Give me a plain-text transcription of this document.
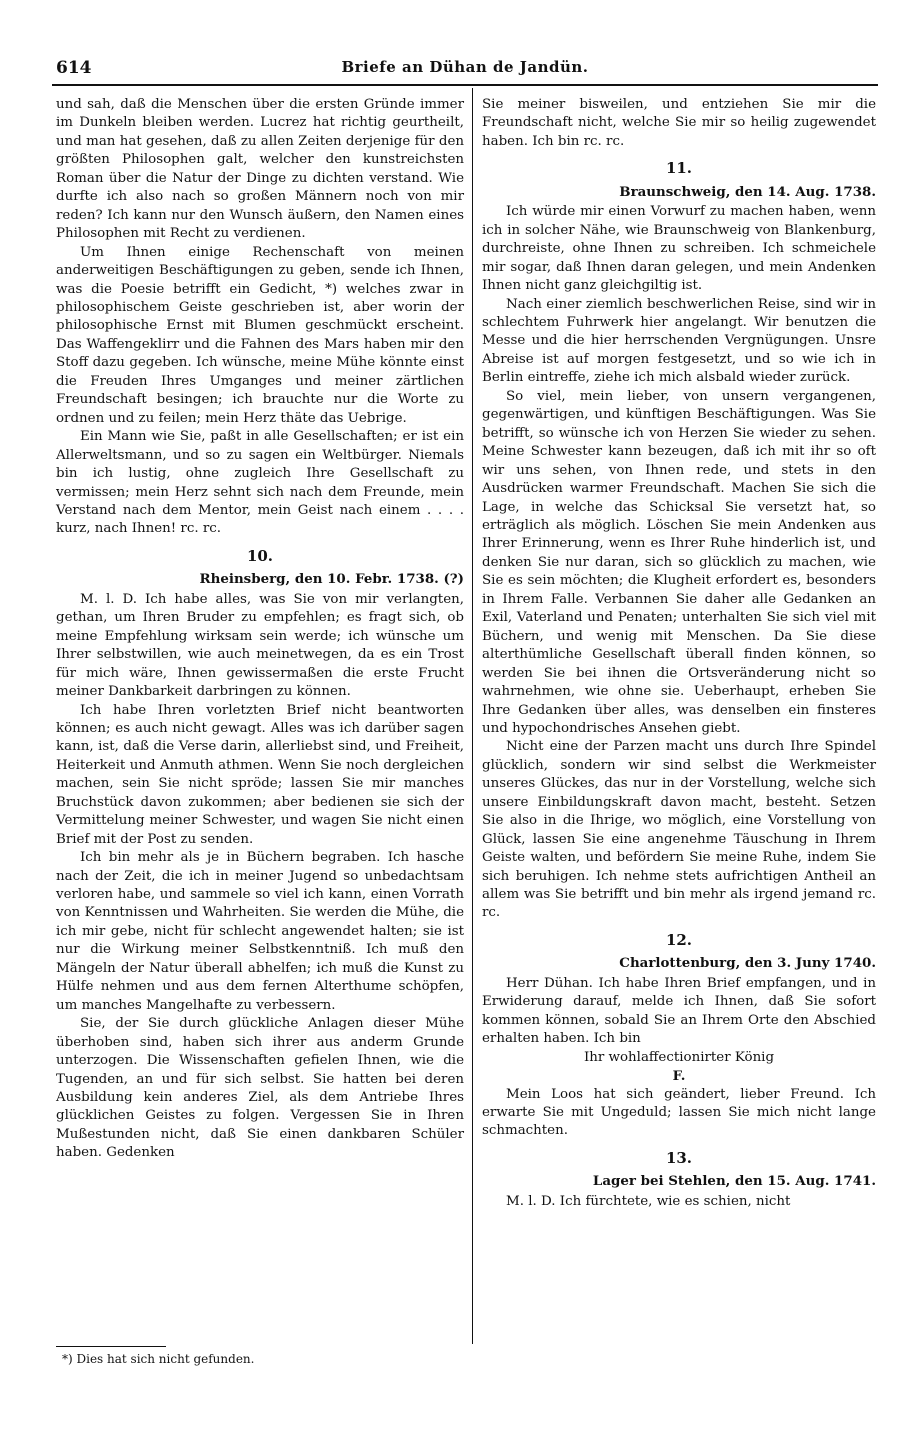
614	Briefe an Dühan de Jandün.

und sah, daß die Menschen über die ersten Gründe immer im Dunkeln bleiben werden. Lucrez hat richtig geurtheilt, und man hat gesehen, daß zu allen Zeiten derjenige für den größten Philosophen galt, welcher den kunstreichsten Roman über die Natur der Dinge zu dichten verstand. Wie durfte ich also nach so großen Männern noch von mir reden? Ich kann nur den Wunsch äußern, den Namen eines Philosophen mit Recht zu verdienen.

Um Ihnen einige Rechenschaft von meinen anderweitigen Beschäftigungen zu geben, sende ich Ihnen, was die Poesie betrifft ein Gedicht, *) welches zwar in philosophischem Geiste geschrieben ist, aber worin der philosophische Ernst mit Blumen geschmückt erscheint. Das Waffengeklirr und die Fahnen des Mars haben mir den Stoff dazu gegeben. Ich wünsche, meine Mühe könnte einst die Freuden Ihres Umganges und meiner zärtlichen Freundschaft besingen; ich brauchte nur die Worte zu ordnen und zu feilen; mein Herz thäte das Uebrige.

Ein Mann wie Sie, paßt in alle Gesellschaften; er ist ein Allerweltsmann, und so zu sagen ein Weltbürger. Niemals bin ich lustig, ohne zugleich Ihre Gesellschaft zu vermissen; mein Herz sehnt sich nach dem Freunde, mein Verstand nach dem Mentor, mein Geist nach einem . . . . kurz, nach Ihnen! rc. rc.

10.

Rheinsberg, den 10. Febr. 1738. (?)

M. l. D. Ich habe alles, was Sie von mir verlangten, gethan, um Ihren Bruder zu empfehlen; es fragt sich, ob meine Empfehlung wirksam sein werde; ich wünsche um Ihrer selbstwillen, wie auch meinetwegen, da es ein Trost für mich wäre, Ihnen gewissermaßen die erste Frucht meiner Dankbarkeit darbringen zu können.

Ich habe Ihren vorletzten Brief nicht beantworten können; es auch nicht gewagt. Alles was ich darüber sagen kann, ist, daß die Verse darin, allerliebst sind, und Freiheit, Heiterkeit und Anmuth athmen. Wenn Sie noch dergleichen machen, sein Sie nicht spröde; lassen Sie mir manches Bruchstück davon zukommen; aber bedienen sie sich der Vermittelung meiner Schwester, und wagen Sie nicht einen Brief mit der Post zu senden.

Ich bin mehr als je in Büchern begraben. Ich hasche nach der Zeit, die ich in meiner Jugend so unbedachtsam verloren habe, und sammele so viel ich kann, einen Vorrath von Kenntnissen und Wahrheiten. Sie werden die Mühe, die ich mir gebe, nicht für schlecht angewendet halten; sie ist nur die Wirkung meiner Selbstkenntniß. Ich muß den Mängeln der Natur überall abhelfen; ich muß die Kunst zu Hülfe nehmen und aus dem fernen Alterthume schöpfen, um manches Mangelhafte zu verbessern.

Sie, der Sie durch glückliche Anlagen dieser Mühe überhoben sind, haben sich ihrer aus anderm Grunde unterzogen. Die Wissenschaften gefielen Ihnen, wie die Tugenden, an und für sich selbst. Sie hatten bei deren Ausbildung kein anderes Ziel, als dem Antriebe Ihres glücklichen Geistes zu folgen. Vergessen Sie in Ihren Mußestunden nicht, daß Sie einen dankbaren Schüler haben. Gedenken

Sie meiner bisweilen, und entziehen Sie mir die Freundschaft nicht, welche Sie mir so heilig zugewendet haben. Ich bin rc. rc.

11.

Braunschweig, den 14. Aug. 1738.

Ich würde mir einen Vorwurf zu machen haben, wenn ich in solcher Nähe, wie Braunschweig von Blankenburg, durchreiste, ohne Ihnen zu schreiben. Ich schmeichele mir sogar, daß Ihnen daran gelegen, und mein Andenken Ihnen nicht ganz gleichgiltig ist.

Nach einer ziemlich beschwerlichen Reise, sind wir in schlechtem Fuhrwerk hier angelangt. Wir benutzen die Messe und die hier herrschenden Vergnügungen. Unsre Abreise ist auf morgen festgesetzt, und so wie ich in Berlin eintreffe, ziehe ich mich alsbald wieder zurück.

So viel, mein lieber, von unsern vergangenen, gegenwärtigen, und künftigen Beschäftigungen. Was Sie betrifft, so wünsche ich von Herzen Sie wieder zu sehen. Meine Schwester kann bezeugen, daß ich mit ihr so oft wir uns sehen, von Ihnen rede, und stets in den Ausdrücken warmer Freundschaft. Machen Sie sich die Lage, in welche das Schicksal Sie versetzt hat, so erträglich als möglich. Löschen Sie mein Andenken aus Ihrer Erinnerung, wenn es Ihrer Ruhe hinderlich ist, und denken Sie nur daran, sich so glücklich zu machen, wie Sie es sein möchten; die Klugheit erfordert es, besonders in Ihrem Falle. Verbannen Sie daher alle Gedanken an Exil, Vaterland und Penaten; unterhalten Sie sich viel mit Büchern, und wenig mit Menschen. Da Sie diese alterthümliche Gesellschaft überall finden können, so werden Sie bei ihnen die Ortsveränderung nicht so wahrnehmen, wie ohne sie. Ueberhaupt, erheben Sie Ihre Gedanken über alles, was denselben ein finsteres und hypochondrisches Ansehen giebt.

Nicht eine der Parzen macht uns durch Ihre Spindel glücklich, sondern wir sind selbst die Werkmeister unseres Glückes, das nur in der Vorstellung, welche sich unsere Einbildungskraft davon macht, besteht. Setzen Sie also in die Ihrige, wo möglich, eine Vorstellung von Glück, lassen Sie eine angenehme Täuschung in Ihrem Geiste walten, und befördern Sie meine Ruhe, indem Sie sich beruhigen. Ich nehme stets aufrichtigen Antheil an allem was Sie betrifft und bin mehr als irgend jemand rc. rc.

12.

Charlottenburg, den 3. Juny 1740.

Herr Dühan. Ich habe Ihren Brief empfangen, und in Erwiderung darauf, melde ich Ihnen, daß Sie sofort kommen können, sobald Sie an Ihrem Orte den Abschied erhalten haben. Ich bin

Ihr wohlaffectionirter König

F.

Mein Loos hat sich geändert, lieber Freund. Ich erwarte Sie mit Ungeduld; lassen Sie mich nicht lange schmachten.

13.

Lager bei Stehlen, den 15. Aug. 1741.

M. l. D. Ich fürchtete, wie es schien, nicht

*) Dies hat sich nicht gefunden.
